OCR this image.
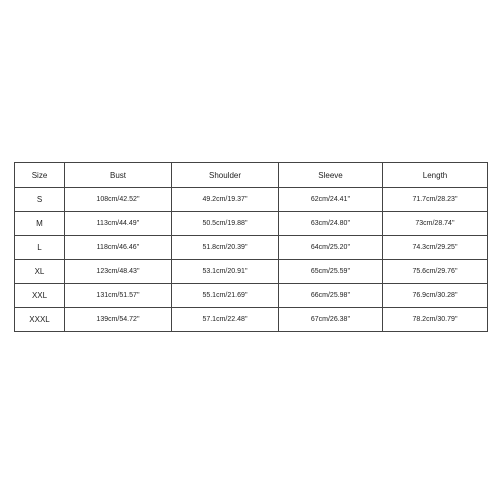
Size	Bust	Shoulder	Sleeve	Length
S	108cm/42.52''	49.2cm/19.37''	62cm/24.41''	71.7cm/28.23''
M	113cm/44.49''	50.5cm/19.88''	63cm/24.80''	73cm/28.74''
L	118cm/46.46''	51.8cm/20.39''	64cm/25.20''	74.3cm/29.25''
XL	123cm/48.43''	53.1cm/20.91''	65cm/25.59''	75.6cm/29.76''
XXL	131cm/51.57''	55.1cm/21.69''	66cm/25.98''	76.9cm/30.28''
XXXL	139cm/54.72''	57.1cm/22.48''	67cm/26.38''	78.2cm/30.79''
